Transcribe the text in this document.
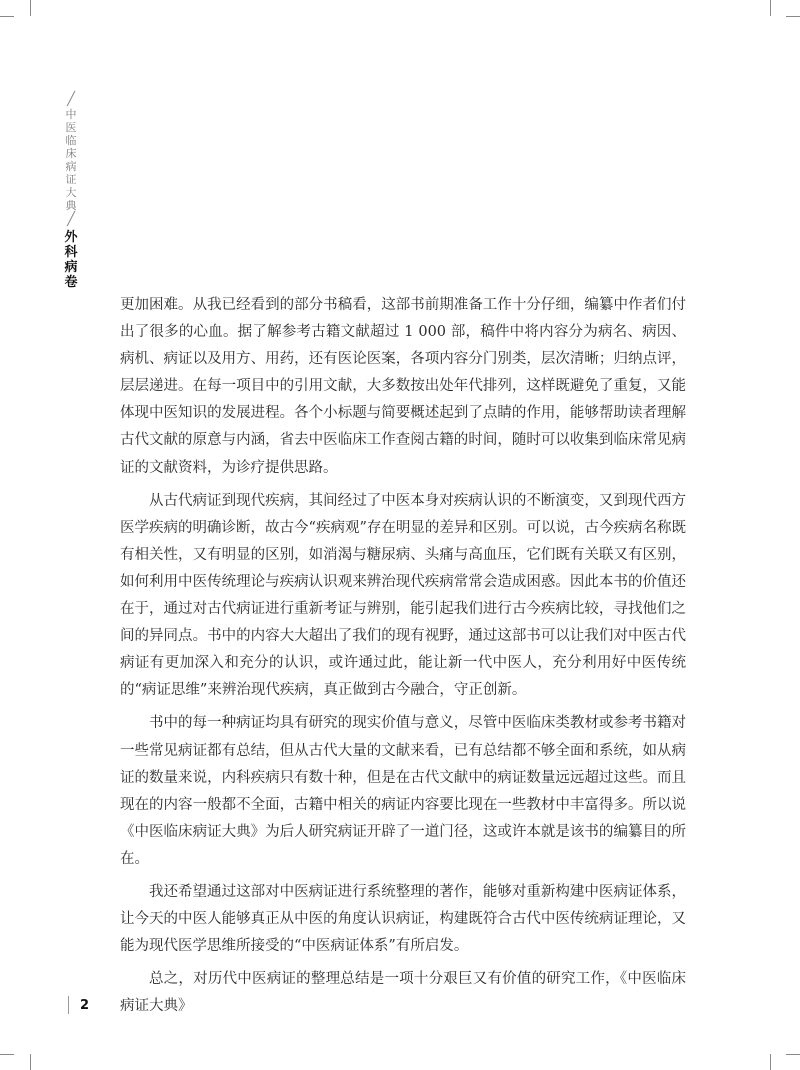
╱
中医临床病证大典
╱
外科病卷

更加困难。从我已经看到的部分书稿看，这部书前期准备工作十分仔细，编纂中作者们付出了很多的心血。据了解参考古籍文献超过 1 000 部，稿件中将内容分为病名、病因、病机、病证以及用方、用药，还有医论医案，各项内容分门别类，层次清晰；归纳点评，层层递进。在每一项目中的引用文献，大多数按出处年代排列，这样既避免了重复，又能体现中医知识的发展进程。各个小标题与简要概述起到了点睛的作用，能够帮助读者理解古代文献的原意与内涵，省去中医临床工作查阅古籍的时间，随时可以收集到临床常见病证的文献资料，为诊疗提供思路。

从古代病证到现代疾病，其间经过了中医本身对疾病认识的不断演变，又到现代西方医学疾病的明确诊断，故古今“疾病观”存在明显的差异和区别。可以说，古今疾病名称既有相关性，又有明显的区别，如消渴与糖尿病、头痛与高血压，它们既有关联又有区别，如何利用中医传统理论与疾病认识观来辨治现代疾病常常会造成困惑。因此本书的价值还在于，通过对古代病证进行重新考证与辨别，能引起我们进行古今疾病比较，寻找他们之间的异同点。书中的内容大大超出了我们的现有视野，通过这部书可以让我们对中医古代病证有更加深入和充分的认识，或许通过此，能让新一代中医人，充分利用好中医传统的“病证思维”来辨治现代疾病，真正做到古今融合，守正创新。

书中的每一种病证均具有研究的现实价值与意义，尽管中医临床类教材或参考书籍对一些常见病证都有总结，但从古代大量的文献来看，已有总结都不够全面和系统，如从病证的数量来说，内科疾病只有数十种，但是在古代文献中的病证数量远远超过这些。而且现在的内容一般都不全面，古籍中相关的病证内容要比现在一些教材中丰富得多。所以说《中医临床病证大典》为后人研究病证开辟了一道门径，这或许本就是该书的编纂目的所在。

我还希望通过这部对中医病证进行系统整理的著作，能够对重新构建中医病证体系，让今天的中医人能够真正从中医的角度认识病证，构建既符合古代中医传统病证理论，又能为现代医学思维所接受的“中医病证体系”有所启发。

总之，对历代中医病证的整理总结是一项十分艰巨又有价值的研究工作，《中医临床病证大典》

2
